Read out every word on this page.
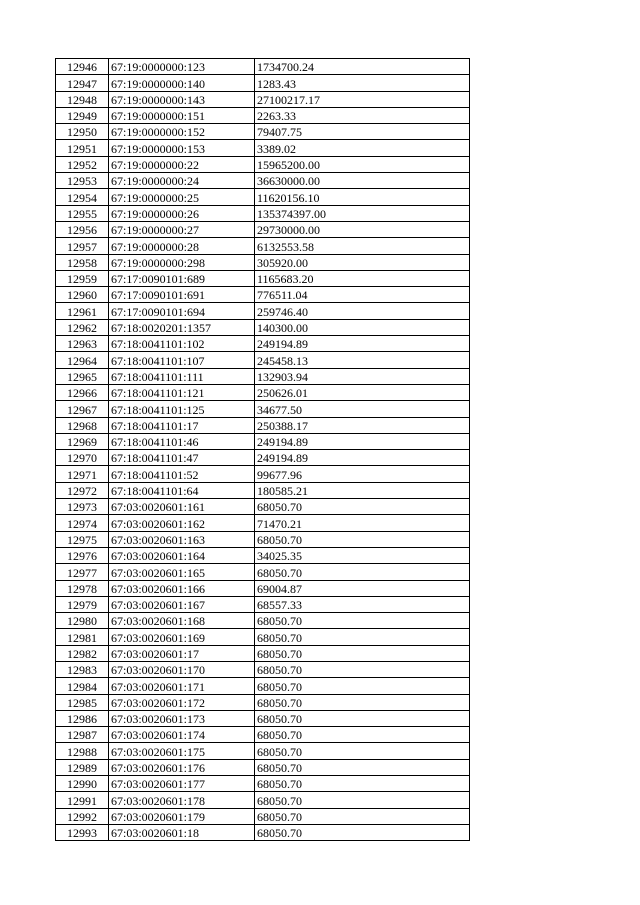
12946	67:19:0000000:123	1734700.24
12947	67:19:0000000:140	1283.43
12948	67:19:0000000:143	27100217.17
12949	67:19:0000000:151	2263.33
12950	67:19:0000000:152	79407.75
12951	67:19:0000000:153	3389.02
12952	67:19:0000000:22	15965200.00
12953	67:19:0000000:24	36630000.00
12954	67:19:0000000:25	11620156.10
12955	67:19:0000000:26	135374397.00
12956	67:19:0000000:27	29730000.00
12957	67:19:0000000:28	6132553.58
12958	67:19:0000000:298	305920.00
12959	67:17:0090101:689	1165683.20
12960	67:17:0090101:691	776511.04
12961	67:17:0090101:694	259746.40
12962	67:18:0020201:1357	140300.00
12963	67:18:0041101:102	249194.89
12964	67:18:0041101:107	245458.13
12965	67:18:0041101:111	132903.94
12966	67:18:0041101:121	250626.01
12967	67:18:0041101:125	34677.50
12968	67:18:0041101:17	250388.17
12969	67:18:0041101:46	249194.89
12970	67:18:0041101:47	249194.89
12971	67:18:0041101:52	99677.96
12972	67:18:0041101:64	180585.21
12973	67:03:0020601:161	68050.70
12974	67:03:0020601:162	71470.21
12975	67:03:0020601:163	68050.70
12976	67:03:0020601:164	34025.35
12977	67:03:0020601:165	68050.70
12978	67:03:0020601:166	69004.87
12979	67:03:0020601:167	68557.33
12980	67:03:0020601:168	68050.70
12981	67:03:0020601:169	68050.70
12982	67:03:0020601:17	68050.70
12983	67:03:0020601:170	68050.70
12984	67:03:0020601:171	68050.70
12985	67:03:0020601:172	68050.70
12986	67:03:0020601:173	68050.70
12987	67:03:0020601:174	68050.70
12988	67:03:0020601:175	68050.70
12989	67:03:0020601:176	68050.70
12990	67:03:0020601:177	68050.70
12991	67:03:0020601:178	68050.70
12992	67:03:0020601:179	68050.70
12993	67:03:0020601:18	68050.70
